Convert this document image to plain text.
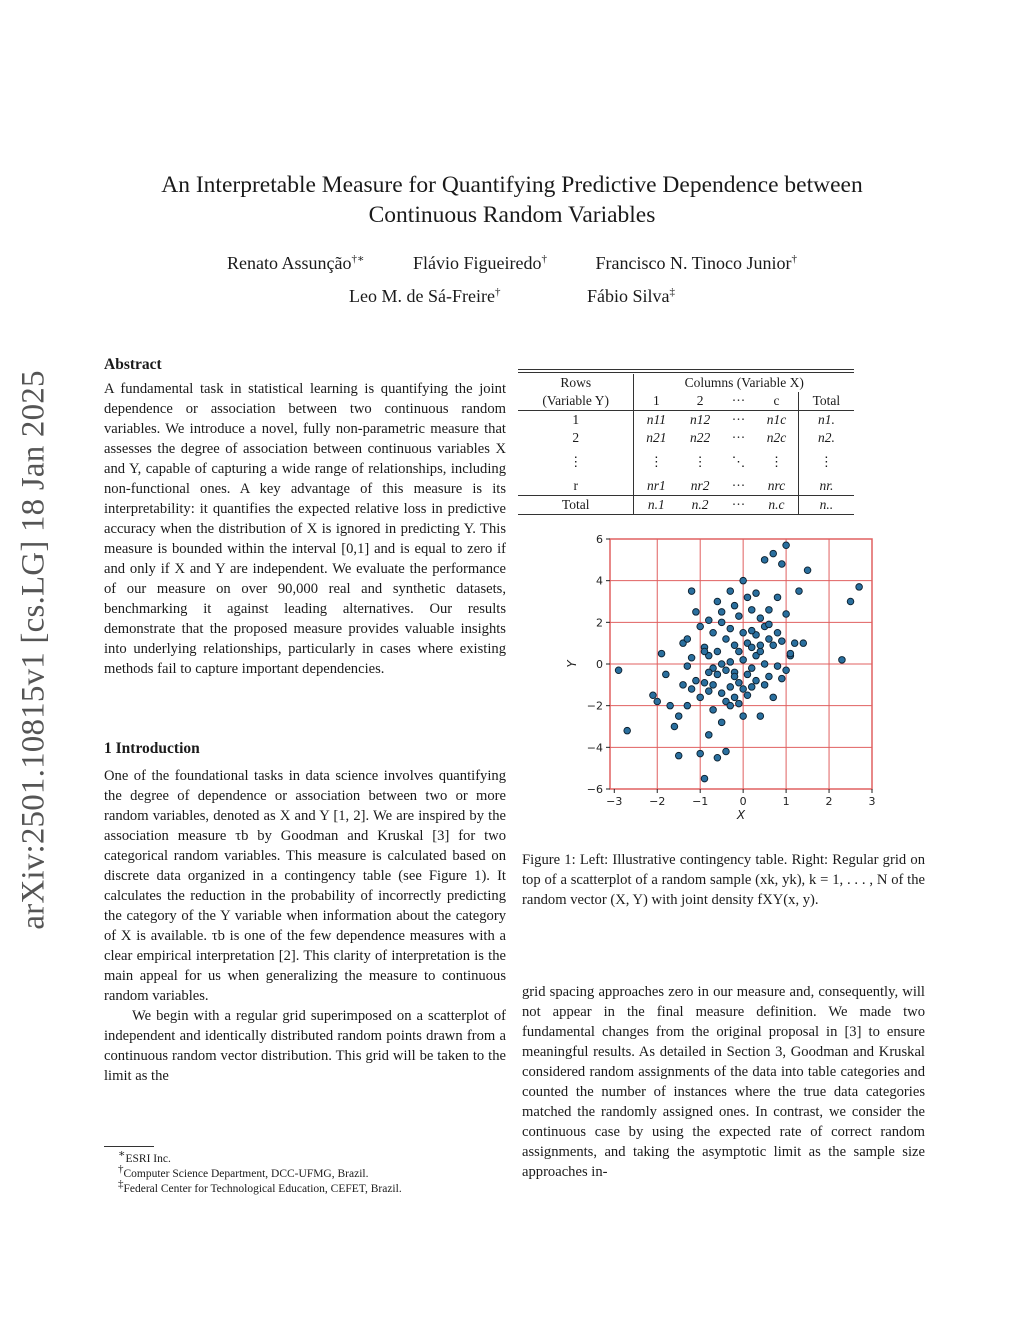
arXiv:2501.10815v1 [cs.LG] 18 Jan 2025
An Interpretable Measure for Quantifying Predictive Dependence between
Continuous Random Variables
Renato Assunção†∗	Flávio Figueiredo†	Francisco N. Tinoco Junior†
Leo M. de Sá-Freire†	Fábio Silva‡
Abstract

A fundamental task in statistical learning is quantifying the joint dependence or association between two continuous random variables. We introduce a novel, fully non-parametric measure that assesses the degree of association between continuous variables X and Y, capable of capturing a wide range of relationships, including non-functional ones. A key advantage of this measure is its interpretability: it quantifies the expected relative loss in predictive accuracy when the distribution of X is ignored in predicting Y. This measure is bounded within the interval [0,1] and is equal to zero if and only if X and Y are independent. We evaluate the performance of our measure on over 90,000 real and synthetic datasets, benchmarking it against leading alternatives. Our results demonstrate that the proposed measure provides valuable insights into underlying relationships, particularly in cases where existing methods fail to capture important dependencies.

1 Introduction

One of the foundational tasks in data science involves quantifying the degree of dependence or association between two or more random variables, denoted as X and Y [1, 2]. We are inspired by the association measure τb by Goodman and Kruskal [3] for two categorical random variables. This measure is calculated based on discrete data organized in a contingency table (see Figure 1). It calculates the reduction in the probability of incorrectly predicting the category of the Y variable when information about the category of X is available. τb is one of the few dependence measures with a clear empirical interpretation [2]. This clarity of interpretation is the main appeal for us when generalizing the measure to continuous random variables.

We begin with a regular grid superimposed on a scatterplot of independent and identically distributed random points drawn from a continuous random vector distribution. This grid will be taken to the limit as the

∗ESRI Inc.
†Computer Science Department, DCC-UFMG, Brazil.
‡Federal Center for Technological Education, CEFET, Brazil.
Rows	Columns (Variable X)				
(Variable Y)	1	2	···	c	Total
1	n11	n12	···	n1c	n1.
2	n21	n22	···	n2c	n2.
⋮	⋮	⋮	⋱	⋮	⋮
r	nr1	nr2	···	nrc	nr.
Total	n.1	n.2	···	n.c	n..
−3 −2 −1	0	1	2	3
−6
−4
−2
0
2
4
6
X
Y
Figure 1: Left: Illustrative contingency table. Right: Regular grid on top of a scatterplot of a random sample (xk, yk), k = 1, . . . , N of the random vector (X, Y) with joint density fXY(x, y).
grid spacing approaches zero in our measure and, consequently, will not appear in the final measure definition. We made two fundamental changes from the original proposal in [3] to ensure meaningful results. As detailed in Section 3, Goodman and Kruskal considered random assignments of the data into table categories and counted the number of instances where the true data categories matched the randomly assigned ones. In contrast, we consider the continuous case by using the expected rate of correct random assignments, and taking the asymptotic limit as the sample size approaches in-
